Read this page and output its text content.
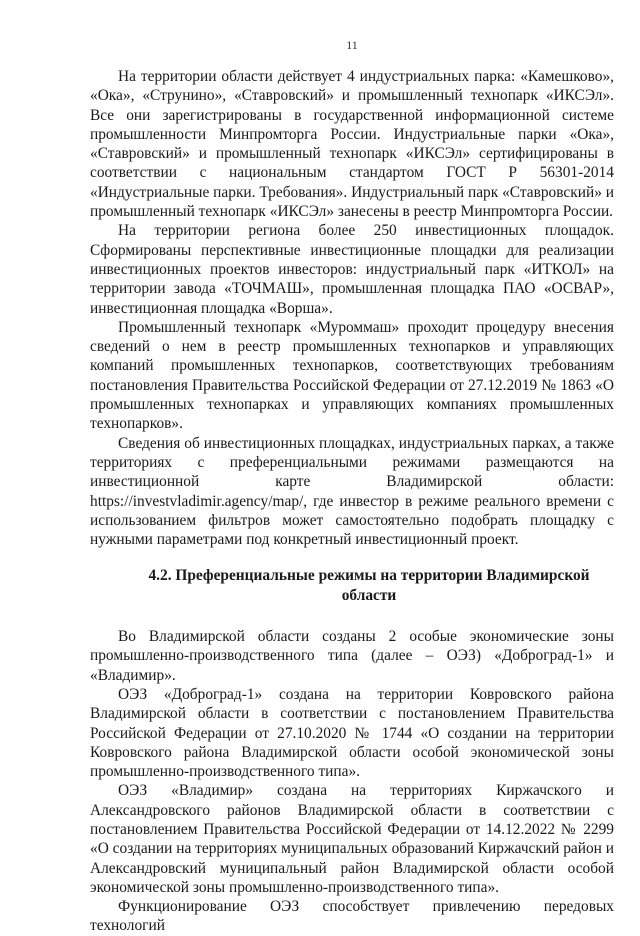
11

На территории области действует 4 индустриальных парка: «Камешково», «Ока», «Струнино», «Ставровский» и промышленный технопарк «ИКСЭл». Все они зарегистрированы в государственной информационной системе промышленности Минпромторга России. Индустриальные парки «Ока», «Ставровский» и промышленный технопарк «ИКСЭл» сертифицированы в соответствии с национальным стандартом ГОСТ Р 56301-2014 «Индустриальные парки. Требования». Индустриальный парк «Ставровский» и промышленный технопарк «ИКСЭл» занесены в реестр Минпромторга России.

На территории региона более 250 инвестиционных площадок. Сформированы перспективные инвестиционные площадки для реализации инвестиционных проектов инвесторов: индустриальный парк «ИТКОЛ» на территории завода «ТОЧМАШ», промышленная площадка ПАО «ОСВАР», инвестиционная площадка «Ворша».

Промышленный технопарк «Муроммаш» проходит процедуру внесения сведений о нем в реестр промышленных технопарков и управляющих компаний промышленных технопарков, соответствующих требованиям постановления Правительства Российской Федерации от 27.12.2019 № 1863 «О промышленных технопарках и управляющих компаниях промышленных технопарков».

Сведения об инвестиционных площадках, индустриальных парках, а также территориях с преференциальными режимами размещаются на инвестиционной карте Владимирской области: https://investvladimir.agency/map/, где инвестор в режиме реального времени с использованием фильтров может самостоятельно подобрать площадку с нужными параметрами под конкретный инвестиционный проект.

4.2. Преференциальные режимы на территории Владимирской области

Во Владимирской области созданы 2 особые экономические зоны промышленно-производственного типа (далее – ОЭЗ) «Доброград-1» и «Владимир».

ОЭЗ «Доброград-1» создана на территории Ковровского района Владимирской области в соответствии с постановлением Правительства Российской Федерации от 27.10.2020 № 1744 «О создании на территории Ковровского района Владимирской области особой экономической зоны промышленно-производственного типа».

ОЭЗ «Владимир» создана на территориях Киржачского и Александровского районов Владимирской области в соответствии с постановлением Правительства Российской Федерации от 14.12.2022 № 2299 «О создании на территориях муниципальных образований Киржачский район и Александровский муниципальный район Владимирской области особой экономической зоны промышленно-производственного типа».

Функционирование ОЭЗ способствует привлечению передовых технологий
